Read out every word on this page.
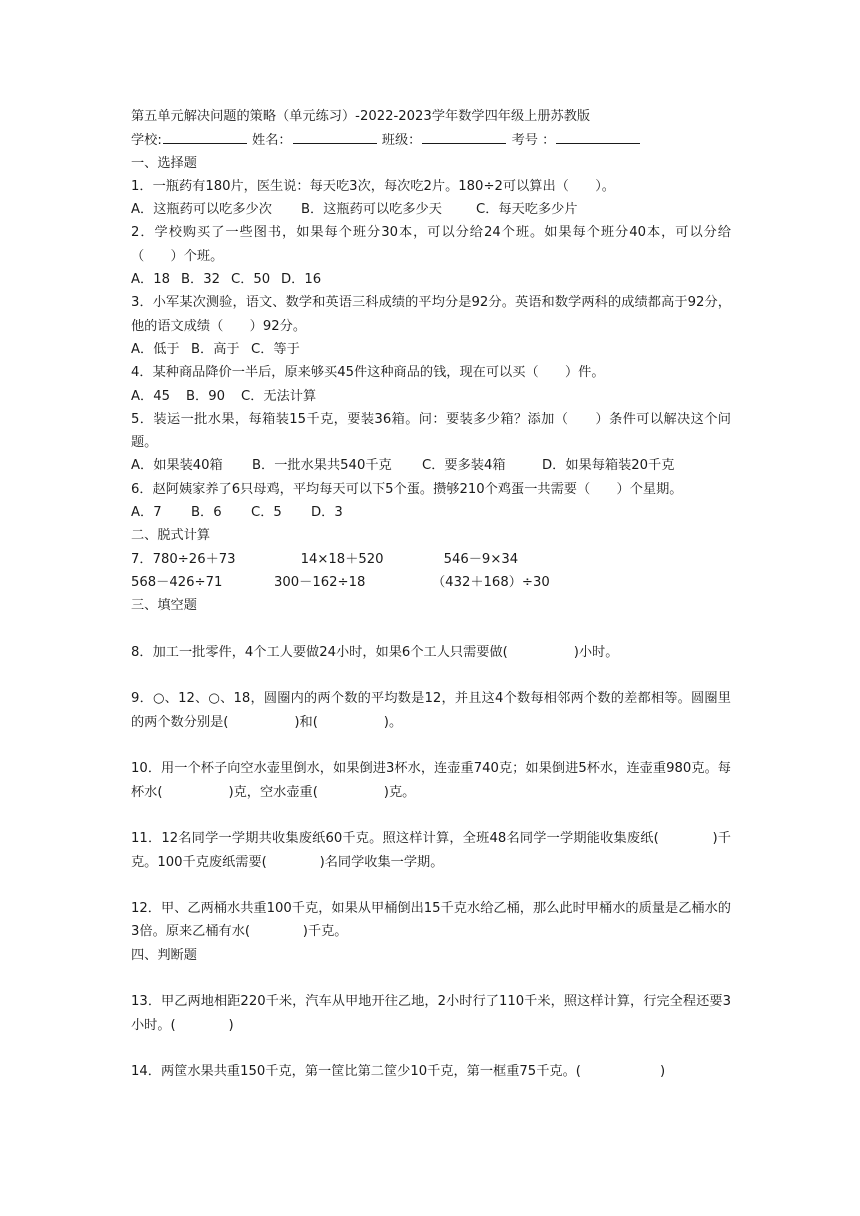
第五单元解决问题的策略（单元练习）-2022-2023学年数学四年级上册苏教版
学校:	姓名：	班级：	考号 ：
一、选择题
1．一瓶药有180片，医生说：每天吃3次，每次吃2片。180÷2可以算出（　　）。
A．这瓶药可以吃多少次 B．这瓶药可以吃多少天	C．每天吃多少片
2．学校购买了一些图书，如果每个班分30本，可以分给24个班。如果每个班分40本，可以分给（　　）个班。
A．18 B．32 C．50 D．16
3．小军某次测验，语文、数学和英语三科成绩的平均分是92分。英语和数学两科的成绩都高于92分，他的语文成绩（　　）92分。
A．低于 B．高于 C．等于
4．某种商品降价一半后，原来够买45件这种商品的钱，现在可以买（　　）件。
A．45 B．90 C．无法计算
5．装运一批水果，每箱装15千克，要装36箱。问：要装多少箱？添加（　　）条件可以解决这个问题。
A．如果装40箱 B．一批水果共540千克 C．要多装4箱	D．如果每箱装20千克
6．赵阿姨家养了6只母鸡，平均每天可以下5个蛋。攒够210个鸡蛋一共需要（　　）个星期。
A．7 B．6 C．5 D．3
二、脱式计算
7．780÷26＋73	14×18＋520	546－9×34
568－426÷71	300－162÷18	（432＋168）÷30
三、填空题
8．加工一批零件，4个工人要做24小时，如果6个工人只需要做(　　　　　)小时。
9．○、12、○、18，圆圈内的两个数的平均数是12，并且这4个数每相邻两个数的差都相等。圆圈里的两个数分别是(　　　　　)和(　　　　　)。
10．用一个杯子向空水壶里倒水，如果倒进3杯水，连壶重740克；如果倒进5杯水，连壶重980克。每杯水(　　　　　)克，空水壶重(　　　　　)克。
11．12名同学一学期共收集废纸60千克。照这样计算，全班48名同学一学期能收集废纸(　　　　)千克。100千克废纸需要(　　　　)名同学收集一学期。
12．甲、乙两桶水共重100千克，如果从甲桶倒出15千克水给乙桶，那么此时甲桶水的质量是乙桶水的3倍。原来乙桶有水(　　　　)千克。
四、判断题
13．甲乙两地相距220千米，汽车从甲地开往乙地，2小时行了110千米，照这样计算，行完全程还要3小时。(　　　　)
14．两筐水果共重150千克，第一筐比第二筐少10千克，第一框重75千克。(　　　　　　)
